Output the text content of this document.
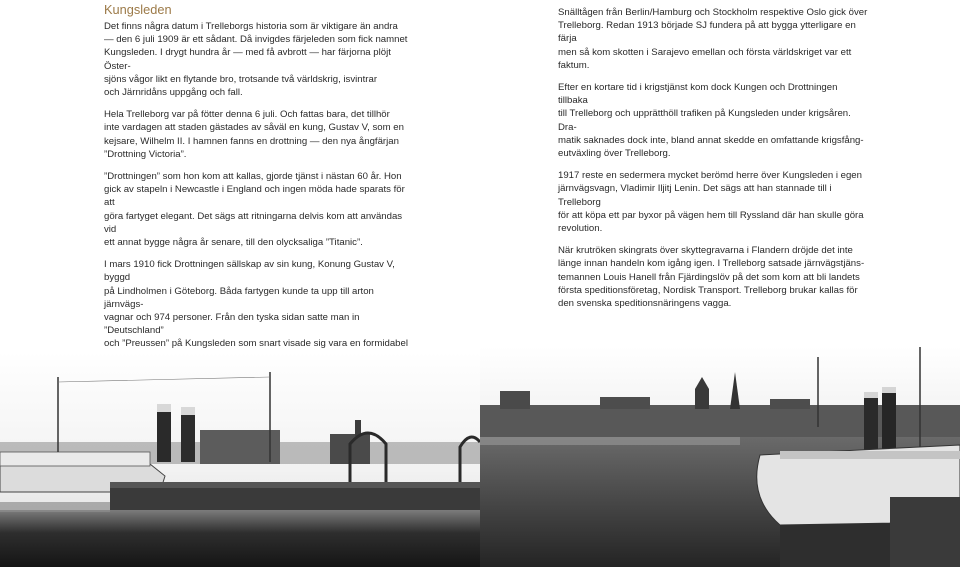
Kungsleden

Det finns några datum i Trelleborgs historia som är viktigare än andra
— den 6 juli 1909 är ett sådant. Då invigdes färjeleden som fick namnet
Kungsleden. I drygt hundra år — med få avbrott — har färjorna plöjt Öster-
sjöns vågor likt en flytande bro, trotsande två världskrig, isvintrar
och Järnridåns uppgång och fall.

Hela Trelleborg var på fötter denna 6 juli. Och fattas bara, det tillhör
inte vardagen att staden gästades av såväl en kung, Gustav V, som en
kejsare, Wilhelm II. I hamnen fanns en drottning — den nya ångfärjan
”Drottning Victoria”.

”Drottningen” som hon kom att kallas, gjorde tjänst i nästan 60 år. Hon
gick av stapeln i Newcastle i England och ingen möda hade sparats för att
göra fartyget elegant. Det sägs att ritningarna delvis kom att användas vid
ett annat bygge några år senare, till den olycksaliga ”Titanic”.

I mars 1910 fick Drottningen sällskap av sin kung, Konung Gustav V, byggd
på Lindholmen i Göteborg. Båda fartygen kunde ta upp till arton järnvägs-
vagnar och 974 personer. Från den tyska sidan satte man in ”Deutschland”
och ”Preussen” på Kungsleden som snart visade sig vara en formidabel

Snälltågen från Berlin/Hamburg och Stockholm respektive Oslo gick över
Trelleborg. Redan 1913 började SJ fundera på att bygga ytterligare en färja
men så kom skotten i Sarajevo emellan och första världskriget var ett
faktum.

Efter en kortare tid i krigstjänst kom dock Kungen och Drottningen tillbaka
till Trelleborg och upprätthöll trafiken på Kungsleden under krigsåren. Dra-
matik saknades dock inte, bland annat skedde en omfattande krigsfång-
eutväxling över Trelleborg.

1917 reste en sedermera mycket berömd herre över Kungsleden i egen
järnvägsvagn, Vladimir Iljitj Lenin. Det sägs att han stannade till i Trelleborg
för att köpa ett par byxor på vägen hem till Ryssland där han skulle göra
revolution.

När krutröken skingrats över skyttegravarna i Flandern dröjde det inte
länge innan handeln kom igång igen. I Trelleborg satsade järnvägstjäns-
temannen Louis Hanell från Fjärdingslöv på det som kom att bli landets
första speditionsföretag, Nordisk Transport. Trelleborg brukar kallas för
den svenska speditionsnäringens vagga.
